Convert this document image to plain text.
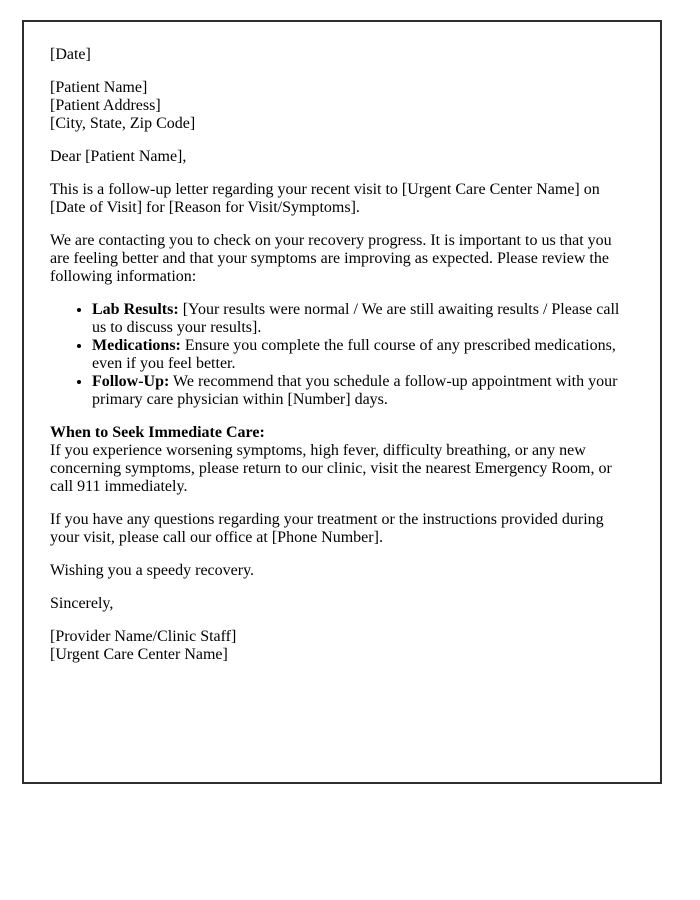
[Date]

[Patient Name]
[Patient Address]
[City, State, Zip Code]

Dear [Patient Name],

This is a follow-up letter regarding your recent visit to [Urgent Care Center Name] on [Date of Visit] for [Reason for Visit/Symptoms].

We are contacting you to check on your recovery progress. It is important to us that you are feeling better and that your symptoms are improving as expected. Please review the following information:

• Lab Results: [Your results were normal / We are still awaiting results / Please call us to discuss your results].
• Medications: Ensure you complete the full course of any prescribed medications, even if you feel better.
• Follow-Up: We recommend that you schedule a follow-up appointment with your primary care physician within [Number] days.

When to Seek Immediate Care:
If you experience worsening symptoms, high fever, difficulty breathing, or any new concerning symptoms, please return to our clinic, visit the nearest Emergency Room, or call 911 immediately.

If you have any questions regarding your treatment or the instructions provided during your visit, please call our office at [Phone Number].

Wishing you a speedy recovery.

Sincerely,

[Provider Name/Clinic Staff]
[Urgent Care Center Name]
